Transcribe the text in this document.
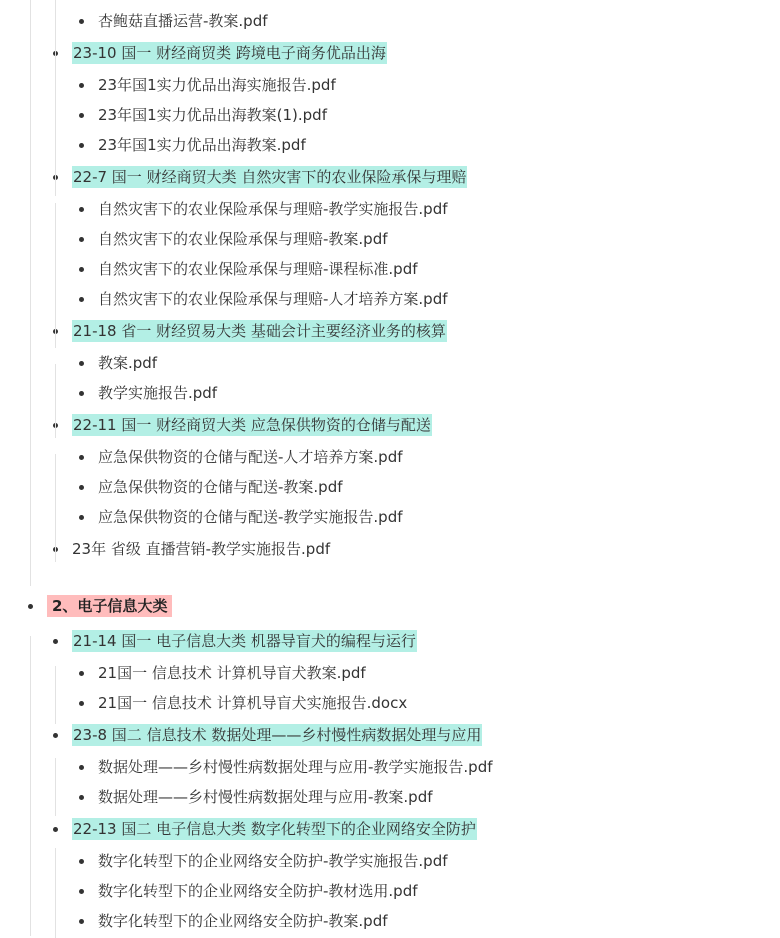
杏鲍菇直播运营-教案.pdf
23-10 国一 财经商贸类 跨境电子商务优品出海
23年国1实力优品出海实施报告.pdf
23年国1实力优品出海教案(1).pdf
23年国1实力优品出海教案.pdf
22-7 国一 财经商贸大类 自然灾害下的农业保险承保与理赔
自然灾害下的农业保险承保与理赔-教学实施报告.pdf
自然灾害下的农业保险承保与理赔-教案.pdf
自然灾害下的农业保险承保与理赔-课程标准.pdf
自然灾害下的农业保险承保与理赔-人才培养方案.pdf
21-18 省一 财经贸易大类 基础会计主要经济业务的核算
教案.pdf
教学实施报告.pdf
22-11 国一 财经商贸大类 应急保供物资的仓储与配送
应急保供物资的仓储与配送-人才培养方案.pdf
应急保供物资的仓储与配送-教案.pdf
应急保供物资的仓储与配送-教学实施报告.pdf
23年 省级 直播营销-教学实施报告.pdf
2、电子信息大类
21-14 国一 电子信息大类 机器导盲犬的编程与运行
21国一 信息技术 计算机导盲犬教案.pdf
21国一 信息技术 计算机导盲犬实施报告.docx
23-8 国二 信息技术 数据处理——乡村慢性病数据处理与应用
数据处理——乡村慢性病数据处理与应用-教学实施报告.pdf
数据处理——乡村慢性病数据处理与应用-教案.pdf
22-13 国二 电子信息大类 数字化转型下的企业网络安全防护
数字化转型下的企业网络安全防护-教学实施报告.pdf
数字化转型下的企业网络安全防护-教材选用.pdf
数字化转型下的企业网络安全防护-教案.pdf
